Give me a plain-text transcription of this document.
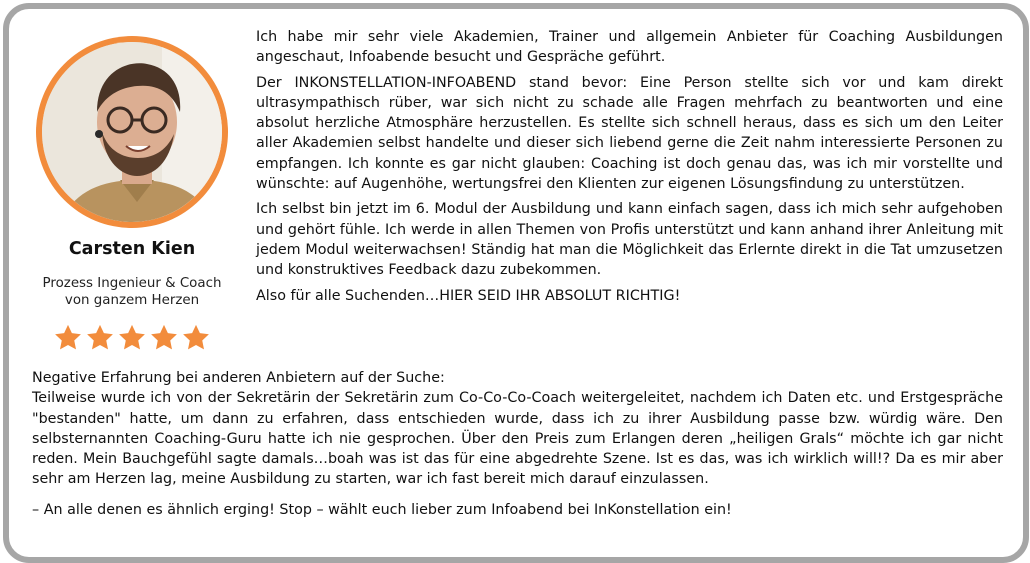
Carsten Kien
Prozess Ingenieur & Coach
von ganzem Herzen

Ich habe mir sehr viele Akademien, Trainer und allgemein Anbieter für Coaching Ausbildungen angeschaut, Infoabende besucht und Gespräche geführt.

Der INKONSTELLATION-INFOABEND stand bevor: Eine Person stellte sich vor und kam direkt ultrasympathisch rüber, war sich nicht zu schade alle Fragen mehrfach zu beantworten und eine absolut herzliche Atmosphäre herzustellen. Es stellte sich schnell heraus, dass es sich um den Leiter aller Akademien selbst handelte und dieser sich liebend gerne die Zeit nahm interessierte Personen zu empfangen. Ich konnte es gar nicht glauben: Coaching ist doch genau das, was ich mir vorstellte und wünschte: auf Augenhöhe, wertungsfrei den Klienten zur eigenen Lösungsfindung zu unterstützen.

Ich selbst bin jetzt im 6. Modul der Ausbildung und kann einfach sagen, dass ich mich sehr aufgehoben und gehört fühle. Ich werde in allen Themen von Profis unterstützt und kann anhand ihrer Anleitung mit jedem Modul weiterwachsen! Ständig hat man die Möglichkeit das Erlernte direkt in die Tat umzusetzen und konstruktives Feedback dazu zubekommen.

Also für alle Suchenden…HIER SEID IHR ABSOLUT RICHTIG!

Negative Erfahrung bei anderen Anbietern auf der Suche:

Teilweise wurde ich von der Sekretärin der Sekretärin zum Co-Co-Co-Coach weitergeleitet, nachdem ich Daten etc. und Erstgespräche "bestanden" hatte, um dann zu erfahren, dass entschieden wurde, dass ich zu ihrer Ausbildung passe bzw. würdig wäre. Den selbsternannten Coaching-Guru hatte ich nie gesprochen. Über den Preis zum Erlangen deren „heiligen Grals“ möchte ich gar nicht reden. Mein Bauchgefühl sagte damals…boah was ist das für eine abgedrehte Szene. Ist es das, was ich wirklich will!? Da es mir aber sehr am Herzen lag, meine Ausbildung zu starten, war ich fast bereit mich darauf einzulassen.

– An alle denen es ähnlich erging! Stop – wählt euch lieber zum Infoabend bei InKonstellation ein!
